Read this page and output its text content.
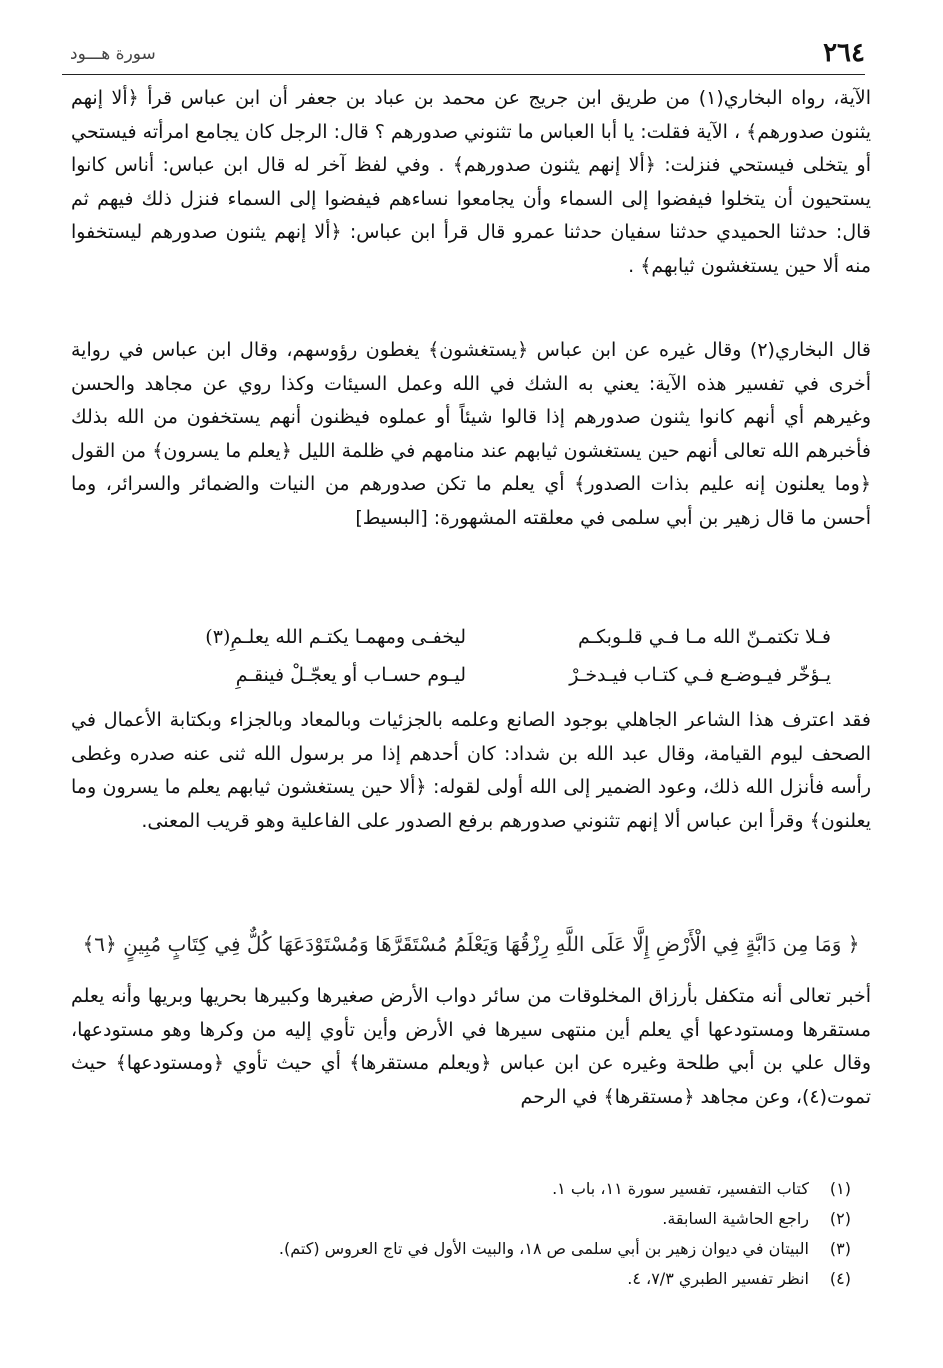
٢٦٤
سورة هـــود

الآية، رواه البخاري(١) من طريق ابن جريج عن محمد بن عباد بن جعفر أن ابن عباس قرأ ﴿ألا إنهم يثنون صدورهم﴾ ، الآية فقلت: يا أبا العباس ما تثنوني صدورهم ؟ قال: الرجل كان يجامع امرأته فيستحي أو يتخلى فيستحي فنزلت: ﴿ألا إنهم يثنون صدورهم﴾ . وفي لفظ آخر له قال ابن عباس: أناس كانوا يستحيون أن يتخلوا فيفضوا إلى السماء وأن يجامعوا نساءهم فيفضوا إلى السماء فنزل ذلك فيهم ثم قال: حدثنا الحميدي حدثنا سفيان حدثنا عمرو قال قرأ ابن عباس: ﴿ألا إنهم يثنون صدورهم ليستخفوا منه ألا حين يستغشون ثيابهم﴾ .

قال البخاري(٢) وقال غيره عن ابن عباس ﴿يستغشون﴾ يغطون رؤوسهم، وقال ابن عباس في رواية أخرى في تفسير هذه الآية: يعني به الشك في الله وعمل السيئات وكذا روي عن مجاهد والحسن وغيرهم أي أنهم كانوا يثنون صدورهم إذا قالوا شيئاً أو عملوه فيظنون أنهم يستخفون من الله بذلك فأخبرهم الله تعالى أنهم حين يستغشون ثيابهم عند منامهم في ظلمة الليل ﴿يعلم ما يسرون﴾ من القول ﴿وما يعلنون إنه عليم بذات الصدور﴾ أي يعلم ما تكن صدورهم من النيات والضمائر والسرائر، وما أحسن ما قال زهير بن أبي سلمى في معلقته المشهورة: [البسيط]

فـلا تكتمـنّ الله مـا فـي قلـوبكـم
ليخفـى ومهمـا يكتـم الله يعلـمِ(٣)
يـؤخّر فيـوضـع فـي كتـاب فيـدخـرْ
ليـوم حسـاب أو يعجّـلْ فينقـمِ

فقد اعترف هذا الشاعر الجاهلي بوجود الصانع وعلمه بالجزئيات وبالمعاد وبالجزاء وبكتابة الأعمال في الصحف ليوم القيامة، وقال عبد الله بن شداد: كان أحدهم إذا مر برسول الله ثنى عنه صدره وغطى رأسه فأنزل الله ذلك، وعود الضمير إلى الله أولى لقوله: ﴿ألا حين يستغشون ثيابهم يعلم ما يسرون وما يعلنون﴾ وقرأ ابن عباس ألا إنهم تثنوني صدورهم برفع الصدور على الفاعلية وهو قريب المعنى.

﴿ وَمَا مِن دَابَّةٍ فِي الْأَرْضِ إِلَّا عَلَى اللَّهِ رِزْقُهَا وَيَعْلَمُ مُسْتَقَرَّهَا وَمُسْتَوْدَعَهَا كُلٌّ فِي كِتَابٍ مُبِينٍ ﴿٦﴾

أخبر تعالى أنه متكفل بأرزاق المخلوقات من سائر دواب الأرض صغيرها وكبيرها بحريها وبريها وأنه يعلم مستقرها ومستودعها أي يعلم أين منتهى سيرها في الأرض وأين تأوي إليه من وكرها وهو مستودعها، وقال علي بن أبي طلحة وغيره عن ابن عباس ﴿ويعلم مستقرها﴾ أي حيث تأوي ﴿ومستودعها﴾ حيث تموت(٤)، وعن مجاهد ﴿مستقرها﴾ في الرحم

(١)
كتاب التفسير، تفسير سورة ١١، باب ١.
(٢)
راجع الحاشية السابقة.
(٣)
البيتان في ديوان زهير بن أبي سلمى ص ١٨، والبيت الأول في تاج العروس (كتم).
(٤)
انظر تفسير الطبري ٧/٣، ٤.
